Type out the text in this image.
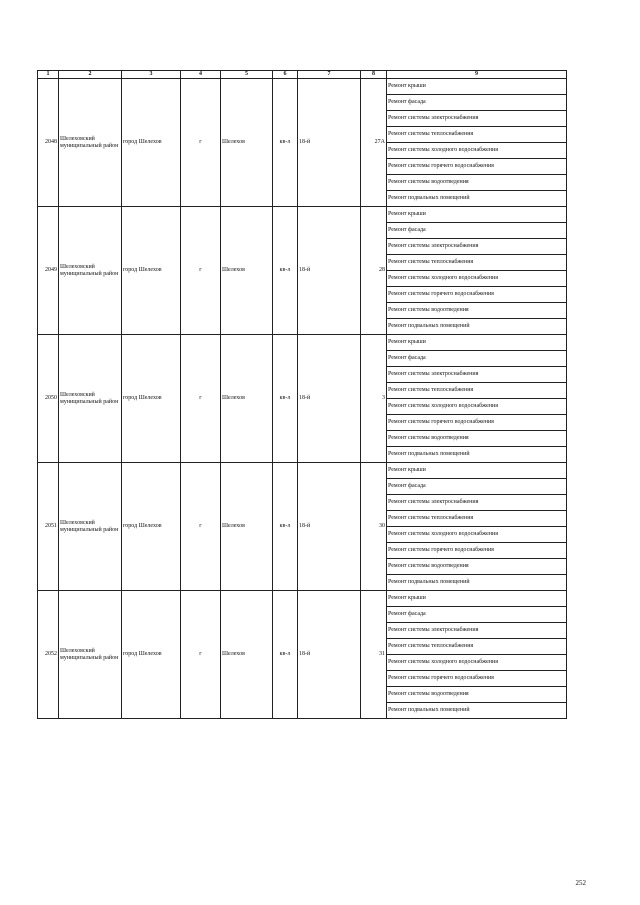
1	2	3	4	5	6	7	8	9
2048	Шелеховский муниципальный район	город Шелехов	г	Шелехов	кв-л	18-й	27А	Ремонт крыши
								Ремонт фасада
								Ремонт системы электроснабжения
								Ремонт системы теплоснабжения
								Ремонт системы холодного водоснабжения
								Ремонт системы горячего водоснабжения
								Ремонт системы водоотведения
								Ремонт подвальных помещений
2049	Шелеховский муниципальный район	город Шелехов	г	Шелехов	кв-л	18-й	28	Ремонт крыши
								Ремонт фасада
								Ремонт системы электроснабжения
								Ремонт системы теплоснабжения
								Ремонт системы холодного водоснабжения
								Ремонт системы горячего водоснабжения
								Ремонт системы водоотведения
								Ремонт подвальных помещений
2050	Шелеховский муниципальный район	город Шелехов	г	Шелехов	кв-л	18-й	3	Ремонт крыши
								Ремонт фасада
								Ремонт системы электроснабжения
								Ремонт системы теплоснабжения
								Ремонт системы холодного водоснабжения
								Ремонт системы горячего водоснабжения
								Ремонт системы водоотведения
								Ремонт подвальных помещений
2051	Шелеховский муниципальный район	город Шелехов	г	Шелехов	кв-л	18-й	30	Ремонт крыши
								Ремонт фасада
								Ремонт системы электроснабжения
								Ремонт системы теплоснабжения
								Ремонт системы холодного водоснабжения
								Ремонт системы горячего водоснабжения
								Ремонт системы водоотведения
								Ремонт подвальных помещений
2052	Шелеховский муниципальный район	город Шелехов	г	Шелехов	кв-л	18-й	31	Ремонт крыши
								Ремонт фасада
								Ремонт системы электроснабжения
								Ремонт системы теплоснабжения
								Ремонт системы холодного водоснабжения
								Ремонт системы горячего водоснабжения
								Ремонт системы водоотведения
								Ремонт подвальных помещений
252
